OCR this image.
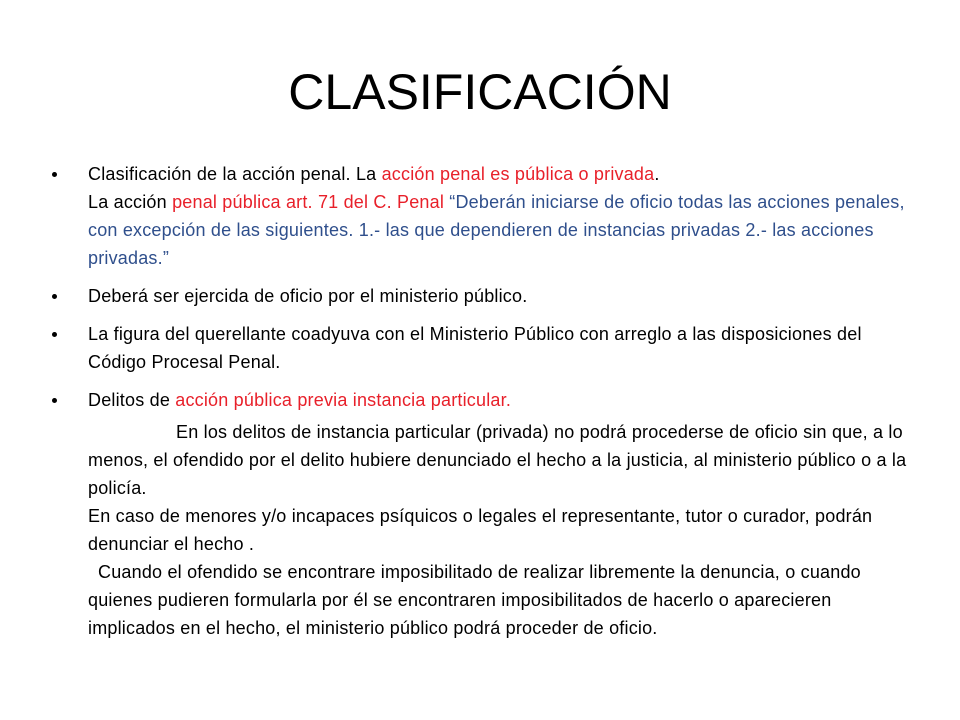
CLASIFICACIÓN
Clasificación de la acción penal. La acción penal es pública o privada.
La acción penal pública art. 71 del C. Penal “Deberán iniciarse de oficio todas las acciones penales, con excepción de las siguientes. 1.- las que dependieren de instancias privadas 2.- las acciones privadas.”
Deberá ser ejercida de oficio por el ministerio público.
La figura del querellante coadyuva con el Ministerio Público con arreglo a las disposiciones del Código Procesal Penal.
Delitos de acción pública previa instancia particular.
En los delitos de instancia particular (privada) no podrá procederse de oficio sin que, a lo menos, el ofendido por el delito hubiere denunciado el hecho a la justicia, al ministerio público o a la policía.
En caso de menores y/o incapaces psíquicos o legales el representante, tutor o curador, podrán denunciar el hecho .
Cuando el ofendido se encontrare imposibilitado de realizar libremente la denuncia, o cuando quienes pudieren formularla por él se encontraren imposibilitados de hacerlo o aparecieren implicados en el hecho, el ministerio público podrá proceder de oficio.
